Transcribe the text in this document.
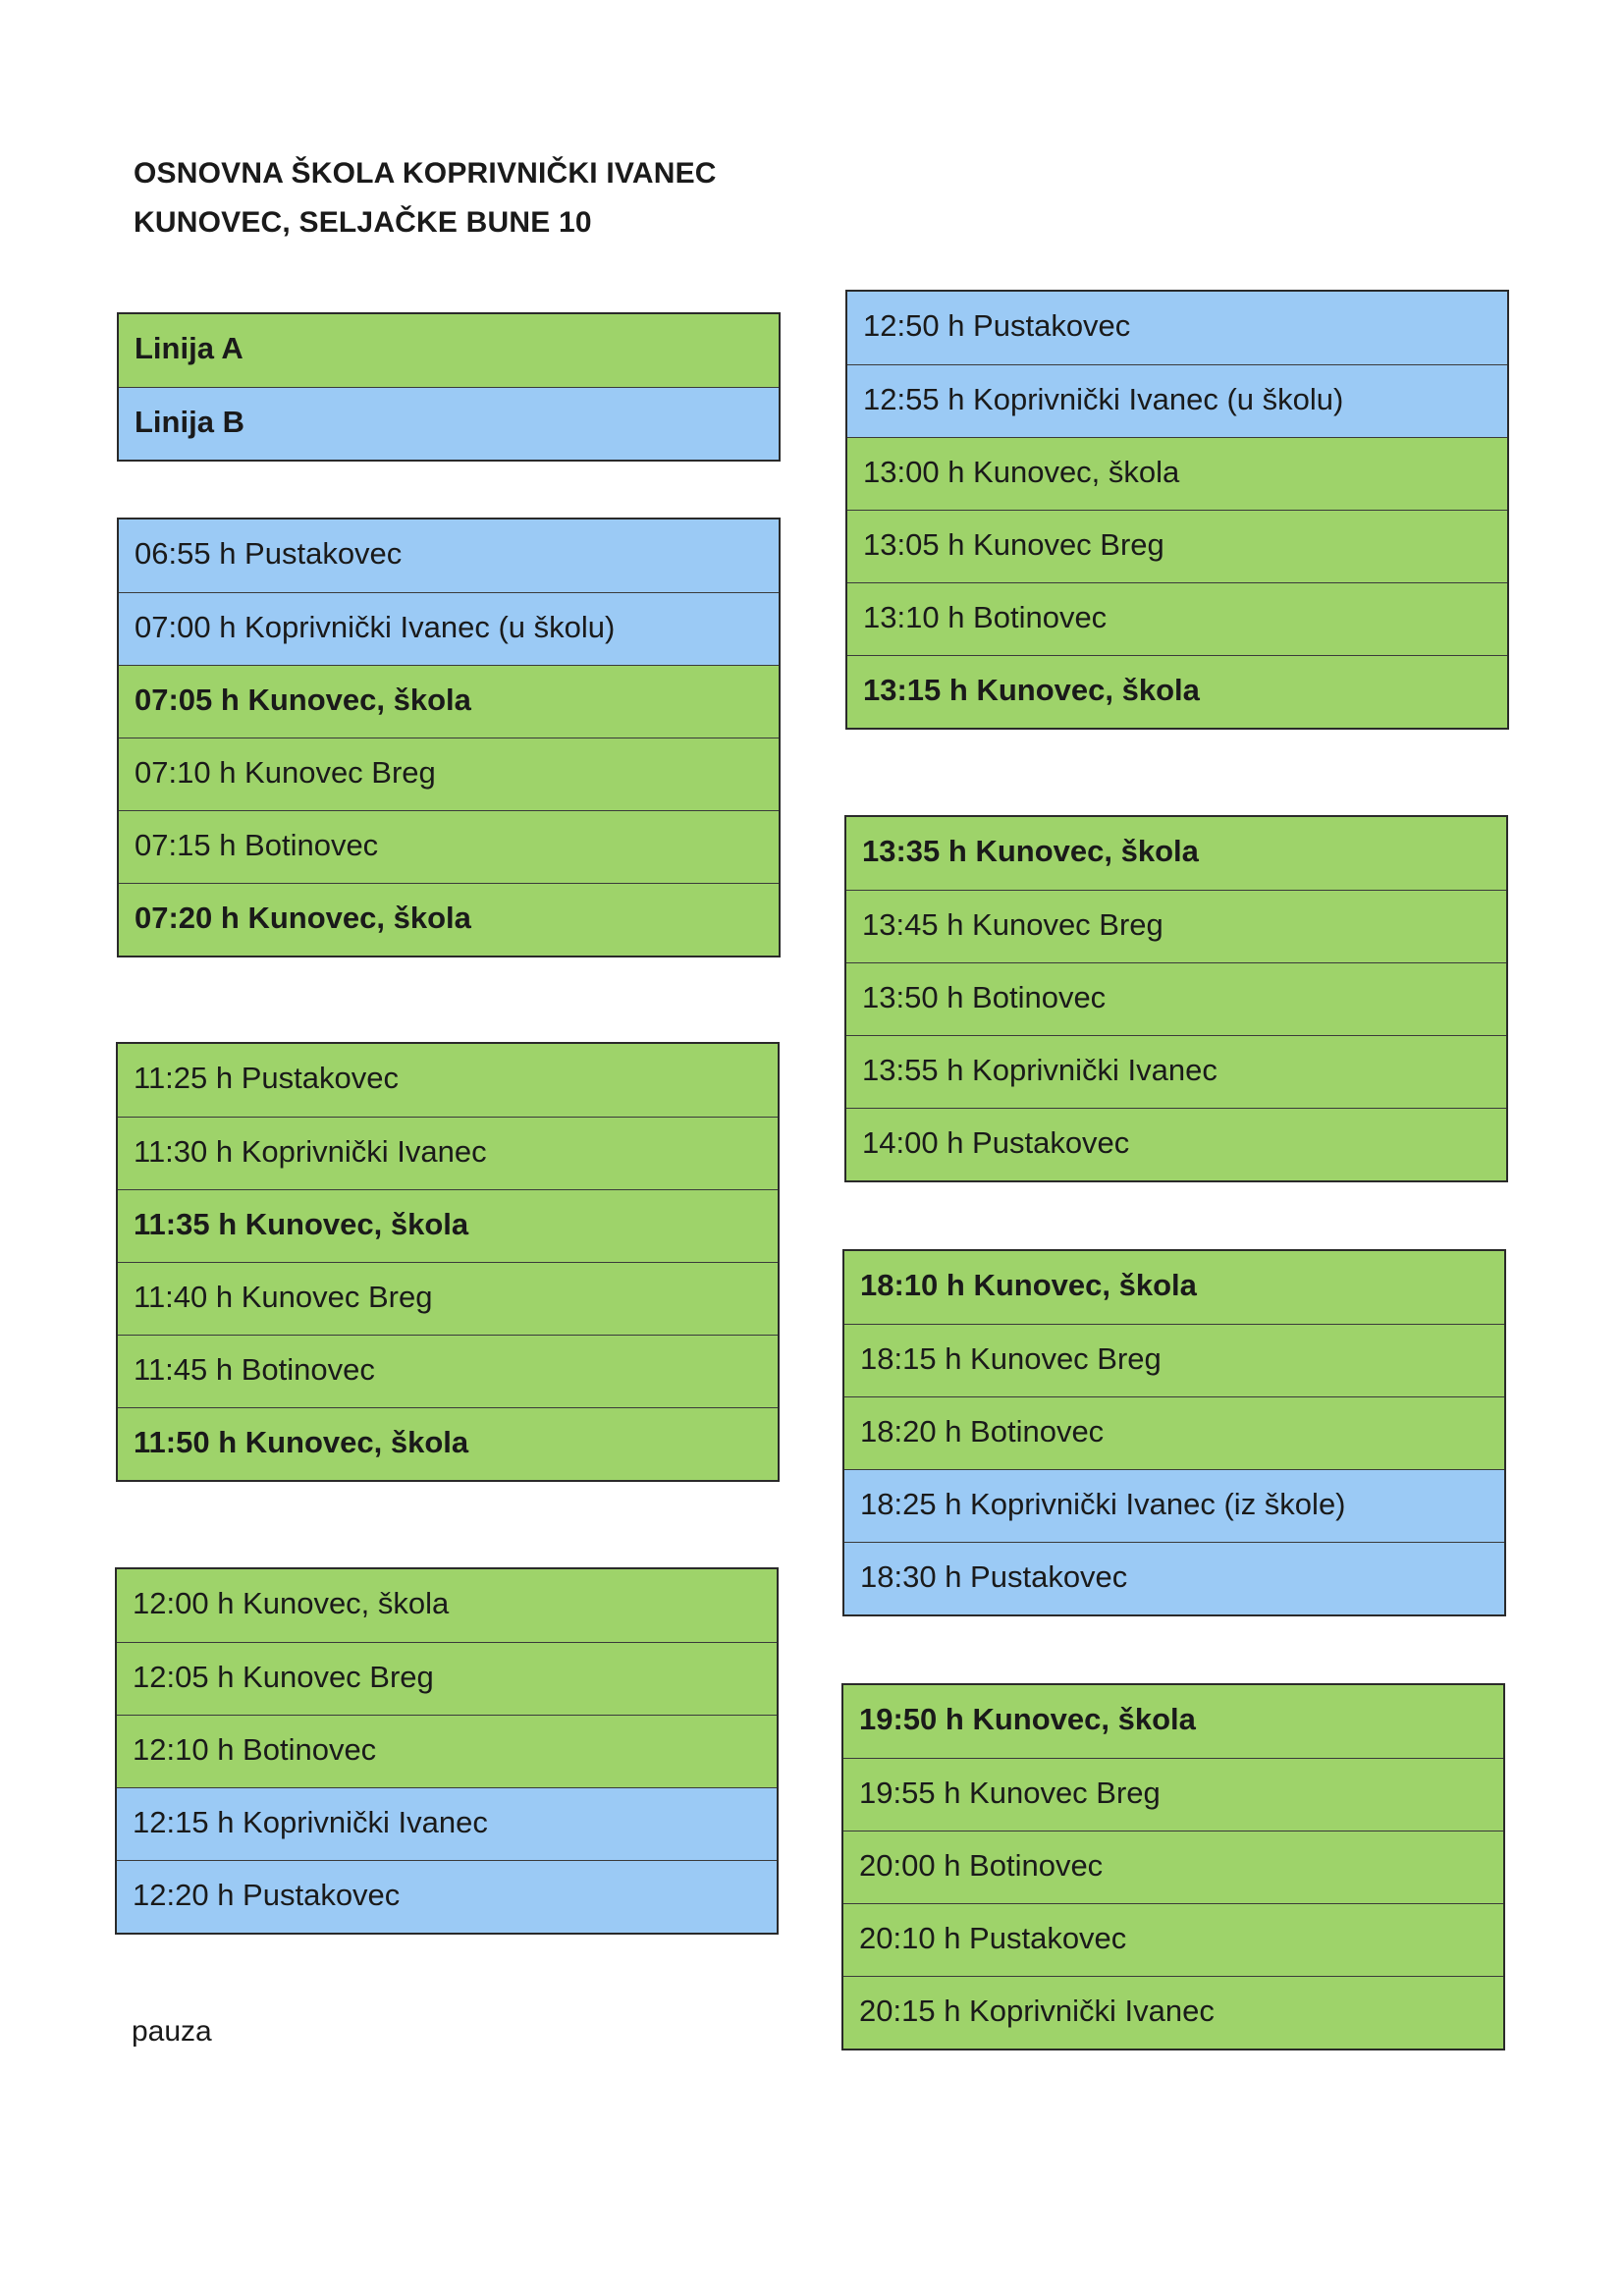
OSNOVNA ŠKOLA KOPRIVNIČKI IVANEC
KUNOVEC, SELJAČKE BUNE 10
Linija A
Linija B
06:55 h Pustakovec
07:00 h Koprivnički Ivanec (u školu)
07:05 h Kunovec, škola
07:10 h Kunovec Breg
07:15 h Botinovec
07:20 h Kunovec, škola
11:25 h Pustakovec
11:30 h Koprivnički Ivanec
11:35 h Kunovec, škola
11:40 h Kunovec Breg
11:45 h Botinovec
11:50 h Kunovec, škola
12:00 h Kunovec, škola
12:05 h Kunovec Breg
12:10 h Botinovec
12:15 h Koprivnički Ivanec
12:20 h Pustakovec
12:50 h Pustakovec
12:55 h Koprivnički Ivanec (u školu)
13:00 h Kunovec, škola
13:05 h Kunovec Breg
13:10 h Botinovec
13:15 h Kunovec, škola
13:35 h Kunovec, škola
13:45 h Kunovec Breg
13:50 h Botinovec
13:55 h Koprivnički Ivanec
14:00 h Pustakovec
18:10 h Kunovec, škola
18:15 h Kunovec Breg
18:20 h Botinovec
18:25 h Koprivnički Ivanec (iz škole)
18:30 h Pustakovec
19:50 h Kunovec, škola
19:55 h Kunovec Breg
20:00 h Botinovec
20:10 h Pustakovec
20:15 h Koprivnički Ivanec
pauza
